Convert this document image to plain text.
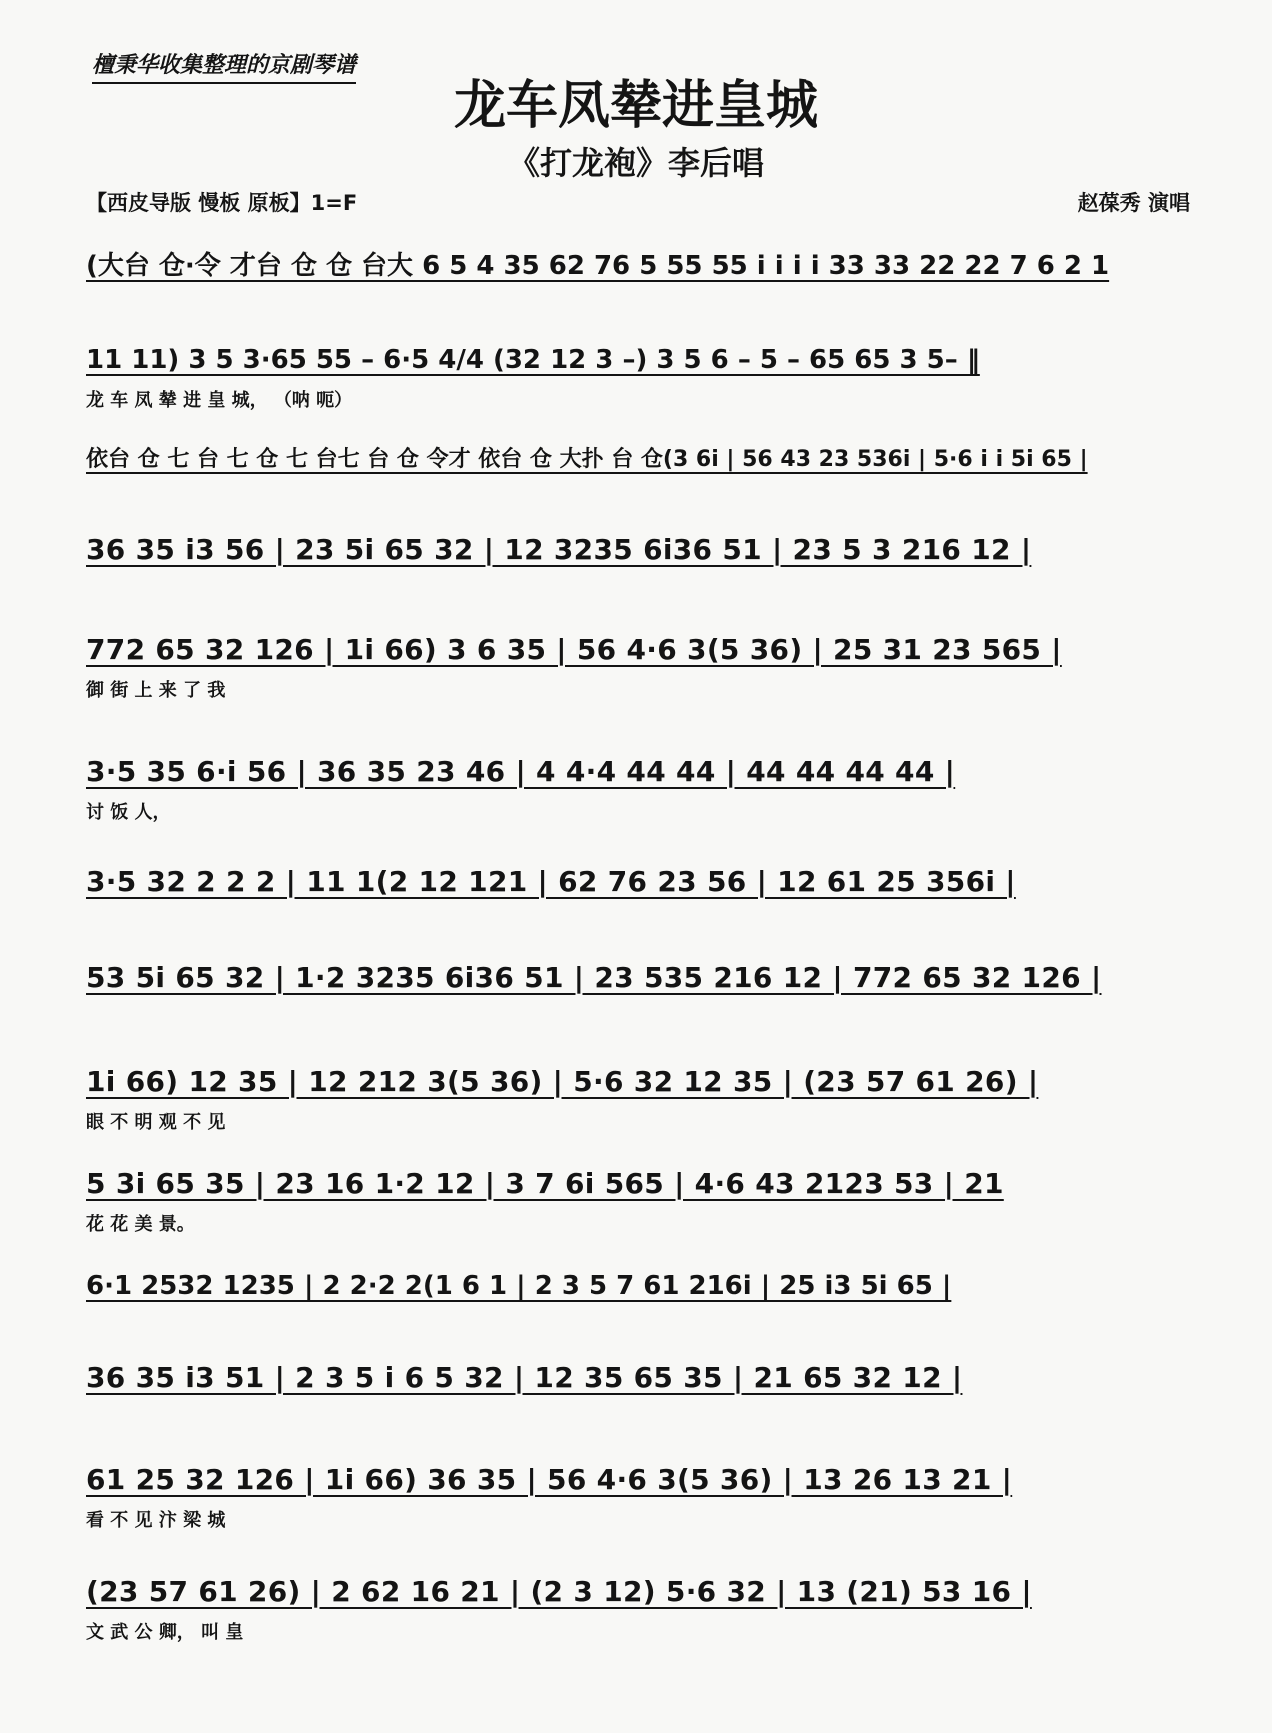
檀秉华收集整理的京剧琴谱
龙车凤辇进皇城
《打龙袍》李后唱
【西皮导版 慢板 原板】1=F	赵葆秀 演唱
(大台 仓·令 才台 仓 仓 台大 6 5 4 35 62 76 5 55 55 i i i i 33 33 22 22 7 6 2 1
11 11) 3 5 3·65 55 – 6·5 4/4 (32 12 3 –) 3 5 6 – 5 – 65 65 3 5– ‖
龙 车 凤 辇 进 皇 城， （呐 呃）
依台 仓 七 台 七 仓 七 台七 台 仓 令才 依台 仓 大扑 台 仓(3 6i | 56 43 23 536i | 5·6 i i 5i 65 |
36 35 i3 56 | 23 5i 65 32 | 12 3235 6i36 51 | 23 5 3 216 12 |
772 65 32 126 | 1i 66) 3 6 35 | 56 4·6 3(5 36) | 25 31 23 565 |
御 街 上 来 了 我
3·5 35 6·i 56 | 36 35 23 46 | 4 4·4 44 44 | 44 44 44 44 |
讨 饭 人，
3·5 32 2 2 2 | 11 1(2 12 121 | 62 76 23 56 | 12 61 25 356i |
53 5i 65 32 | 1·2 3235 6i36 51 | 23 535 216 12 | 772 65 32 126 |
1i 66) 12 35 | 12 212 3(5 36) | 5·6 32 12 35 | (23 57 61 26) |
眼 不 明 观 不 见
5 3i 65 35 | 23 16 1·2 12 | 3 7 6i 565 | 4·6 43 2123 53 | 21
花 花 美 景。
6·1 2532 1235 | 2 2·2 2(1 6 1 | 2 3 5 7 61 216i | 25 i3 5i 65 |
36 35 i3 51 | 2 3 5 i 6 5 32 | 12 35 65 35 | 21 65 32 12 |
61 25 32 126 | 1i 66) 36 35 | 56 4·6 3(5 36) | 13 26 13 21 |
看 不 见 汴 梁 城
(23 57 61 26) | 2 62 16 21 | (2 3 12) 5·6 32 | 13 (21) 53 16 |
文 武 公 卿， 叫 皇
